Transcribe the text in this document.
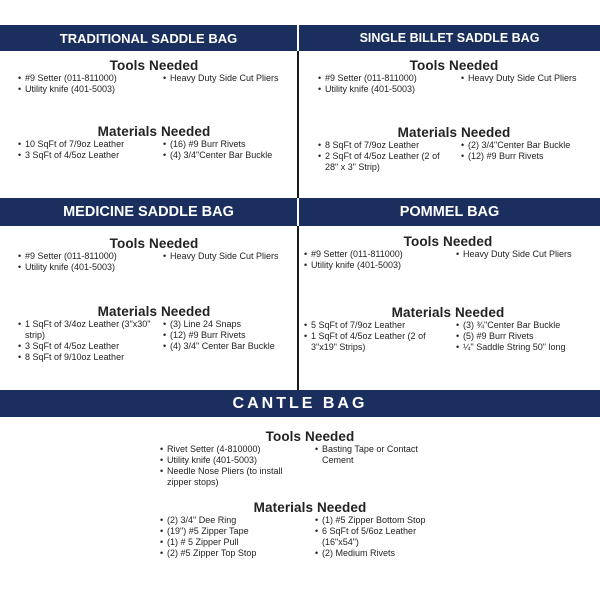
TRADITIONAL SADDLE BAG	SINGLE BILLET SADDLE BAG
MEDICINE SADDLE BAG	POMMEL BAG
CANTLE BAG
Tools Needed
• #9 Setter (011-811000)
• Utility knife (401-5003)
• Heavy Duty Side Cut Pliers
Materials Needed
• 10 SqFt of 7/9oz Leather
• 3 SqFt of 4/5oz Leather
• (16) #9 Burr Rivets
• (4) 3/4"Center Bar Buckle
Tools Needed
• #9 Setter (011-811000)
• Utility knife (401-5003)
• Heavy Duty Side Cut Pliers
Materials Needed
• 8 SqFt of 7/9oz Leather
• 2 SqFt of 4/5oz Leather (2 of 28" x 3" Strip)
• (2) 3/4"Center Bar Buckle
• (12) #9 Burr Rivets
Tools Needed
• #9 Setter (011-811000)
• Utility knife (401-5003)
• Heavy Duty Side Cut Pliers
Materials Needed
• 1 SqFt of 3/4oz Leather (3"x30" strip)
• 3 SqFt of 4/5oz Leather
• 8 SqFt of 9/10oz Leather
• (3) Line 24 Snaps
• (12) #9 Burr Rivets
• (4) 3/4" Center Bar Buckle
Tools Needed
• #9 Setter (011-811000)
• Utility knife (401-5003)
• Heavy Duty Side Cut Pliers
Materials Needed
• 5 SqFt of 7/9oz Leather
• 1 SqFt of 4/5oz Leather (2 of 3"x19" Strips)
• (3) ¾"Center Bar Buckle
• (5) #9 Burr Rivets
• ¼" Saddle String 50" long
Tools Needed
• Rivet Setter (4-810000)
• Utility knife (401-5003)
• Needle Nose Pliers (to install zipper stops)
• Basting Tape or Contact Cement
Materials Needed
• (2) 3/4" Dee Ring
• (19") #5 Zipper Tape
• (1) # 5 Zipper Pull
• (2) #5 Zipper Top Stop
• (1) #5 Zipper Bottom Stop
• 6 SqFt of 5/6oz Leather (16"x54")
• (2) Medium Rivets
